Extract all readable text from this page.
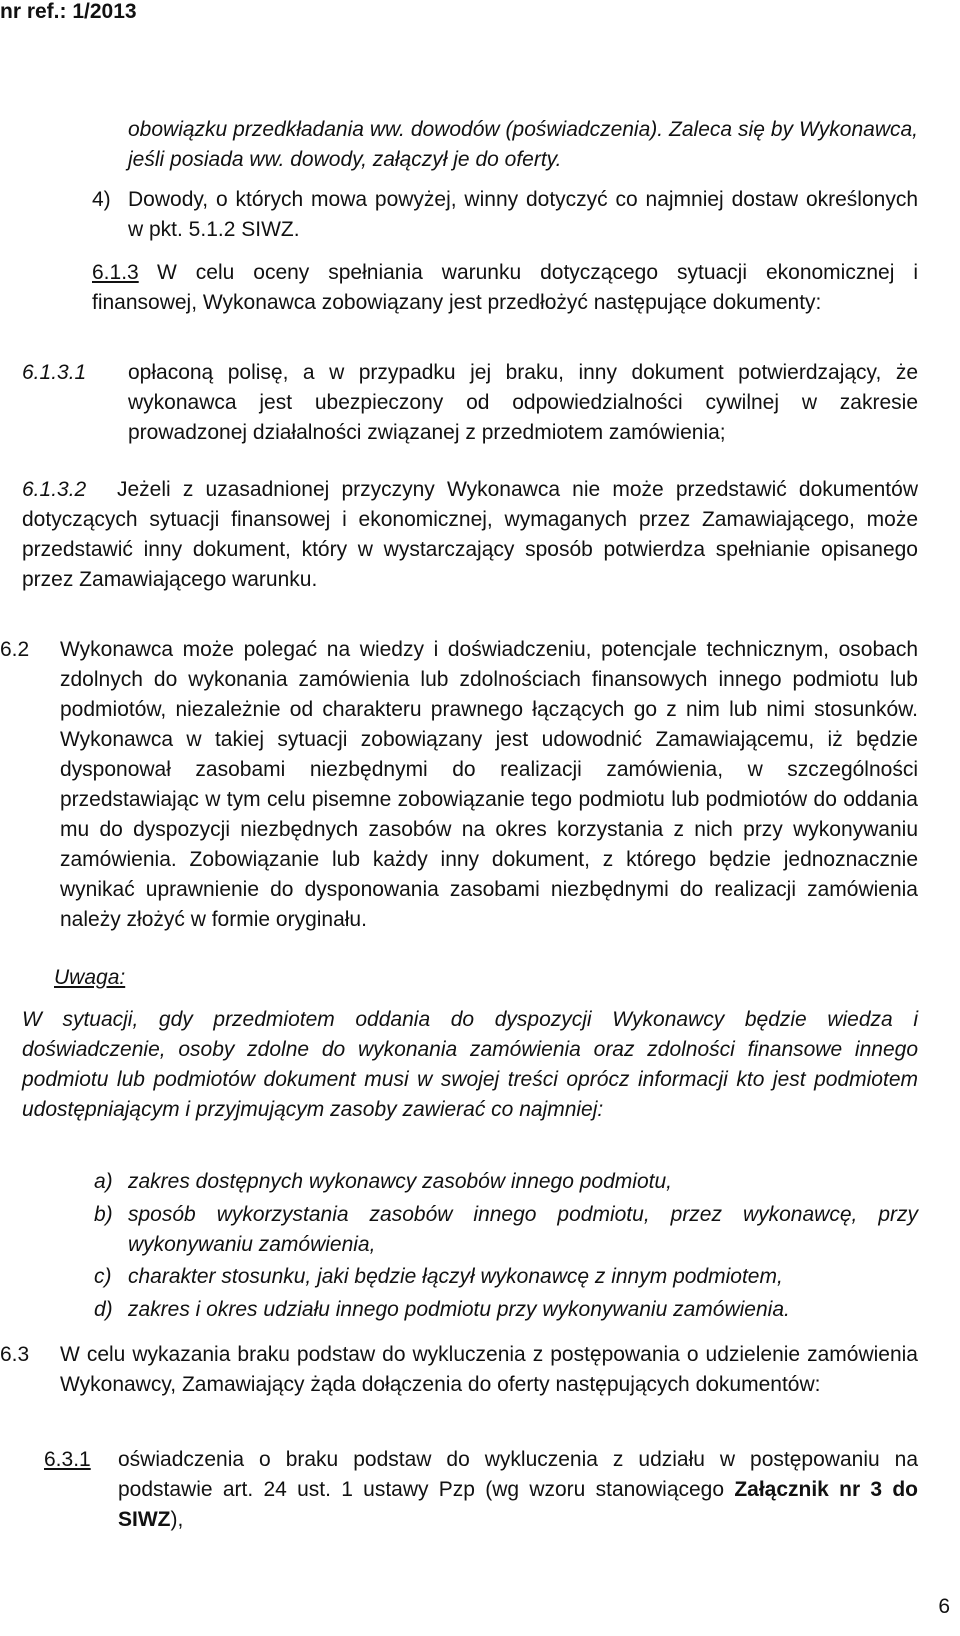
nr ref.: 1/2013
obowiązku przedkładania ww. dowodów (poświadczenia). Zaleca się by Wykonawca, jeśli posiada ww. dowody, załączył je do oferty.
4) Dowody, o których mowa powyżej, winny dotyczyć co najmniej dostaw określonych w pkt. 5.1.2 SIWZ.
6.1.3 W celu oceny spełniania warunku dotyczącego sytuacji ekonomicznej i finansowej, Wykonawca zobowiązany jest przedłożyć następujące dokumenty:
6.1.3.1 opłaconą polisę, a w przypadku jej braku, inny dokument potwierdzający, że wykonawca jest ubezpieczony od odpowiedzialności cywilnej w zakresie prowadzonej działalności związanej z przedmiotem zamówienia;
6.1.3.2	Jeżeli z uzasadnionej przyczyny Wykonawca nie może przedstawić dokumentów dotyczących sytuacji finansowej i ekonomicznej, wymaganych przez Zamawiającego, może przedstawić inny dokument, który w wystarczający sposób potwierdza spełnianie opisanego przez Zamawiającego warunku.
6.2 Wykonawca może polegać na wiedzy i doświadczeniu, potencjale technicznym, osobach zdolnych do wykonania zamówienia lub zdolnościach finansowych innego podmiotu lub podmiotów, niezależnie od charakteru prawnego łączących go z nim lub nimi stosunków. Wykonawca w takiej sytuacji zobowiązany jest udowodnić Zamawiającemu, iż będzie dysponował zasobami niezbędnymi do realizacji zamówienia, w szczególności przedstawiając w tym celu pisemne zobowiązanie tego podmiotu lub podmiotów do oddania mu do dyspozycji niezbędnych zasobów na okres korzystania z nich przy wykonywaniu zamówienia. Zobowiązanie lub każdy inny dokument, z którego będzie jednoznacznie wynikać uprawnienie do dysponowania zasobami niezbędnymi do realizacji zamówienia należy złożyć w formie oryginału.
Uwaga:
W sytuacji, gdy przedmiotem oddania do dyspozycji Wykonawcy będzie wiedza i doświadczenie, osoby zdolne do wykonania zamówienia oraz zdolności finansowe innego podmiotu lub podmiotów dokument musi w swojej treści oprócz informacji kto jest podmiotem udostępniającym i przyjmującym zasoby zawierać co najmniej:
a) zakres dostępnych wykonawcy zasobów innego podmiotu,
b) sposób wykorzystania zasobów innego podmiotu, przez wykonawcę, przy wykonywaniu zamówienia,
c) charakter stosunku, jaki będzie łączył wykonawcę z innym podmiotem,
d) zakres i okres udziału innego podmiotu przy wykonywaniu zamówienia.
6.3 W celu wykazania braku podstaw do wykluczenia z postępowania o udzielenie zamówienia Wykonawcy, Zamawiający żąda dołączenia do oferty następujących dokumentów:
6.3.1 oświadczenia o braku podstaw do wykluczenia z udziału w postępowaniu na podstawie art. 24 ust. 1 ustawy Pzp (wg wzoru stanowiącego Załącznik nr 3 do SIWZ),
6
